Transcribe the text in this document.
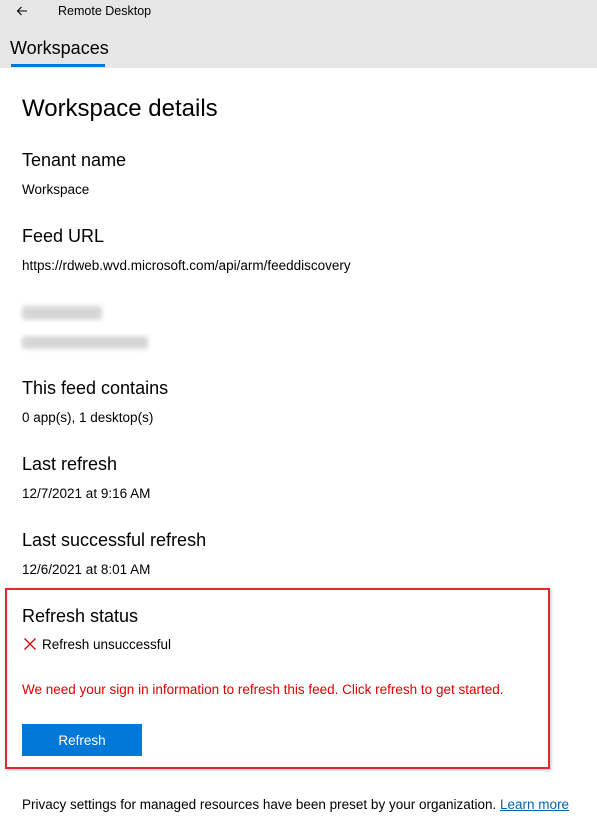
Remote Desktop
Workspaces
Workspace details
Tenant name
Workspace
Feed URL
https://rdweb.wvd.microsoft.com/api/arm/feeddiscovery
This feed contains
0 app(s), 1 desktop(s)
Last refresh
12/7/2021 at 9:16 AM
Last successful refresh
12/6/2021 at 8:01 AM
Refresh status
Refresh unsuccessful
We need your sign in information to refresh this feed. Click refresh to get started.
Refresh
Privacy settings for managed resources have been preset by your organization. Learn more
